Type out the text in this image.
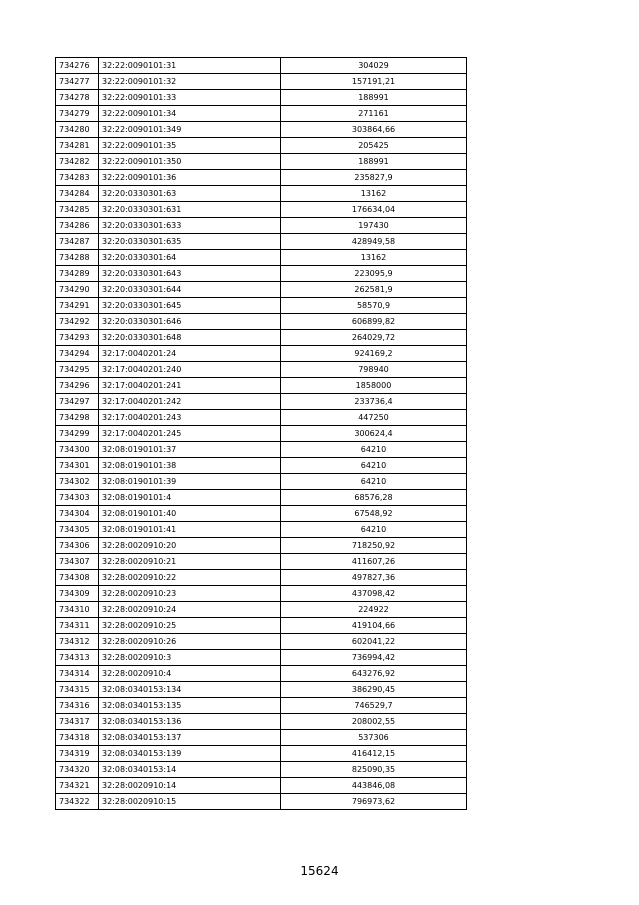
734276	32:22:0090101:31	304029
734277	32:22:0090101:32	157191,21
734278	32:22:0090101:33	188991
734279	32:22:0090101:34	271161
734280	32:22:0090101:349	303864,66
734281	32:22:0090101:35	205425
734282	32:22:0090101:350	188991
734283	32:22:0090101:36	235827,9
734284	32:20:0330301:63	13162
734285	32:20:0330301:631	176634,04
734286	32:20:0330301:633	197430
734287	32:20:0330301:635	428949,58
734288	32:20:0330301:64	13162
734289	32:20:0330301:643	223095,9
734290	32:20:0330301:644	262581,9
734291	32:20:0330301:645	58570,9
734292	32:20:0330301:646	606899,82
734293	32:20:0330301:648	264029,72
734294	32:17:0040201:24	924169,2
734295	32:17:0040201:240	798940
734296	32:17:0040201:241	1858000
734297	32:17:0040201:242	233736,4
734298	32:17:0040201:243	447250
734299	32:17:0040201:245	300624,4
734300	32:08:0190101:37	64210
734301	32:08:0190101:38	64210
734302	32:08:0190101:39	64210
734303	32:08:0190101:4	68576,28
734304	32:08:0190101:40	67548,92
734305	32:08:0190101:41	64210
734306	32:28:0020910:20	718250,92
734307	32:28:0020910:21	411607,26
734308	32:28:0020910:22	497827,36
734309	32:28:0020910:23	437098,42
734310	32:28:0020910:24	224922
734311	32:28:0020910:25	419104,66
734312	32:28:0020910:26	602041,22
734313	32:28:0020910:3	736994,42
734314	32:28:0020910:4	643276,92
734315	32:08:0340153:134	386290,45
734316	32:08:0340153:135	746529,7
734317	32:08:0340153:136	208002,55
734318	32:08:0340153:137	537306
734319	32:08:0340153:139	416412,15
734320	32:08:0340153:14	825090,35
734321	32:28:0020910:14	443846,08
734322	32:28:0020910:15	796973,62
15624
